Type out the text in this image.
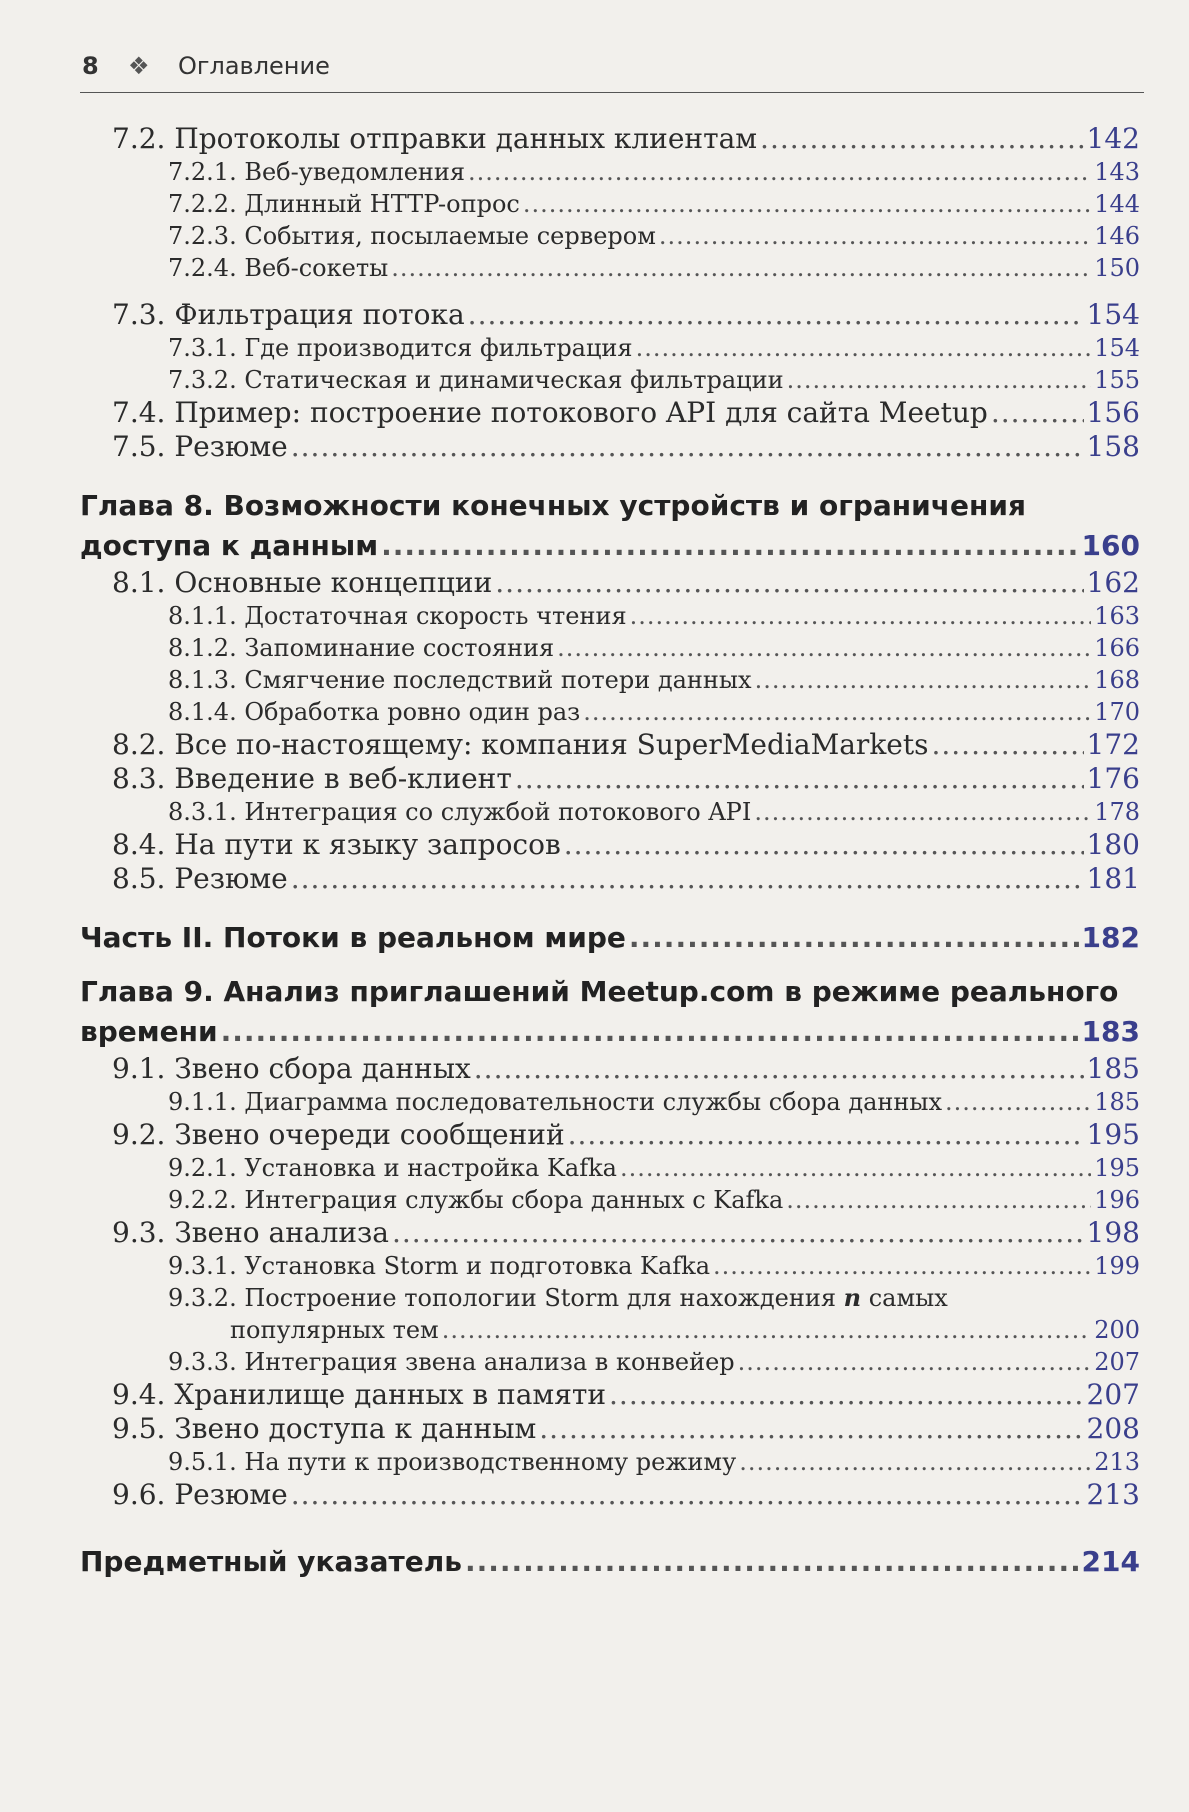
8 ❖ Оглавление
7.2. Протоколы отправки данных клиентам .....	142
7.2.1. Веб-уведомления .....	143
7.2.2. Длинный HTTP-опрос .....	144
7.2.3. События, посылаемые сервером .....	146
7.2.4. Веб-сокеты .....	150
7.3. Фильтрация потока .....	154
7.3.1. Где производится фильтрация .....	154
7.3.2. Статическая и динамическая фильтрации .....	155
7.4. Пример: построение потокового API для сайта Meetup .....	156
7.5. Резюме .....	158
Глава 8. Возможности конечных устройств и ограничения
доступа к данным .....	160
8.1. Основные концепции .....	162
8.1.1. Достаточная скорость чтения .....	163
8.1.2. Запоминание состояния .....	166
8.1.3. Смягчение последствий потери данных .....	168
8.1.4. Обработка ровно один раз .....	170
8.2. Все по-настоящему: компания SuperMediaMarkets .....	172
8.3. Введение в веб-клиент .....	176
8.3.1. Интеграция со службой потокового API .....	178
8.4. На пути к языку запросов .....	180
8.5. Резюме .....	181
Часть II. Потоки в реальном мире .....	182
Глава 9. Анализ приглашений Meetup.com в режиме реального
времени .....	183
9.1. Звено сбора данных .....	185
9.1.1. Диаграмма последовательности службы сбора данных .....	185
9.2. Звено очереди сообщений .....	195
9.2.1. Установка и настройка Kafka .....	195
9.2.2. Интеграция службы сбора данных с Kafka .....	196
9.3. Звено анализа .....	198
9.3.1. Установка Storm и подготовка Kafka .....	199
9.3.2. Построение топологии Storm для нахождения n самых
популярных тем .....	200
9.3.3. Интеграция звена анализа в конвейер .....	207
9.4. Хранилище данных в памяти .....	207
9.5. Звено доступа к данным .....	208
9.5.1. На пути к производственному режиму .....	213
9.6. Резюме .....	213
Предметный указатель .....	214
